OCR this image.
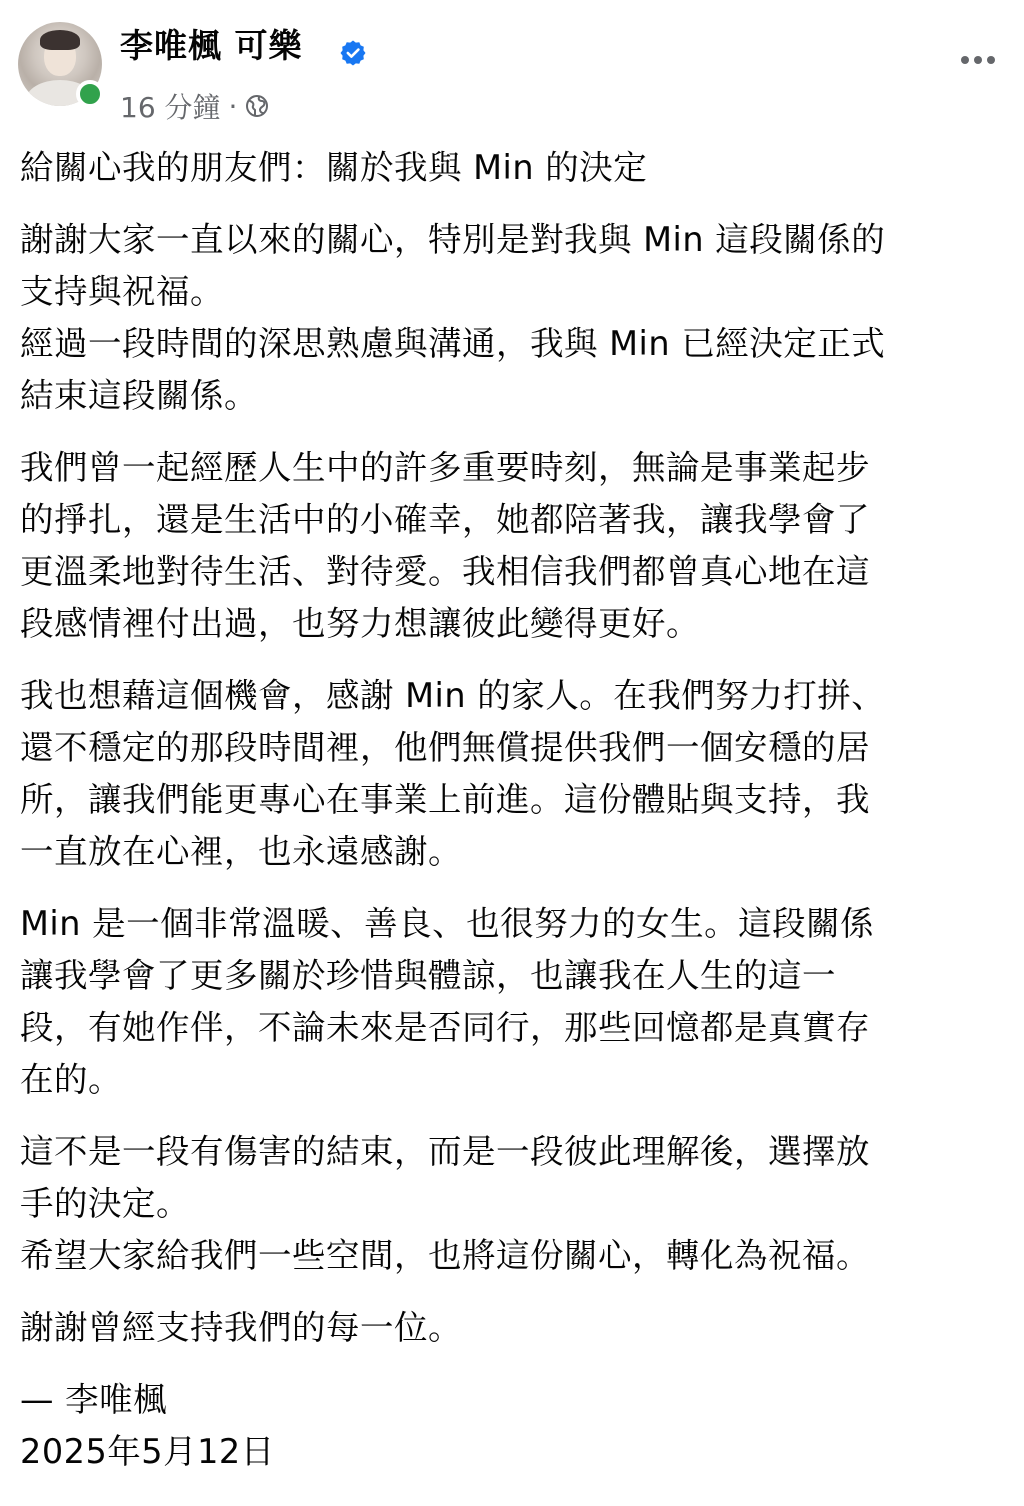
李唯楓 可樂
16 分鐘 ·

給關心我的朋友們：關於我與 Min 的決定

謝謝大家一直以來的關心，特別是對我與 Min 這段關係的

支持與祝福。

經過一段時間的深思熟慮與溝通，我與 Min 已經決定正式

結束這段關係。

我們曾一起經歷人生中的許多重要時刻，無論是事業起步

的掙扎，還是生活中的小確幸，她都陪著我，讓我學會了

更溫柔地對待生活、對待愛。我相信我們都曾真心地在這

段感情裡付出過，也努力想讓彼此變得更好。

我也想藉這個機會，感謝 Min 的家人。在我們努力打拼、

還不穩定的那段時間裡，他們無償提供我們一個安穩的居

所，讓我們能更專心在事業上前進。這份體貼與支持，我

一直放在心裡，也永遠感謝。

Min 是一個非常溫暖、善良、也很努力的女生。這段關係

讓我學會了更多關於珍惜與體諒，也讓我在人生的這一

段，有她作伴，不論未來是否同行，那些回憶都是真實存

在的。

這不是一段有傷害的結束，而是一段彼此理解後，選擇放

手的決定。

希望大家給我們一些空間，也將這份關心，轉化為祝福。

謝謝曾經支持我們的每一位。

— 李唯楓

2025年5月12日
